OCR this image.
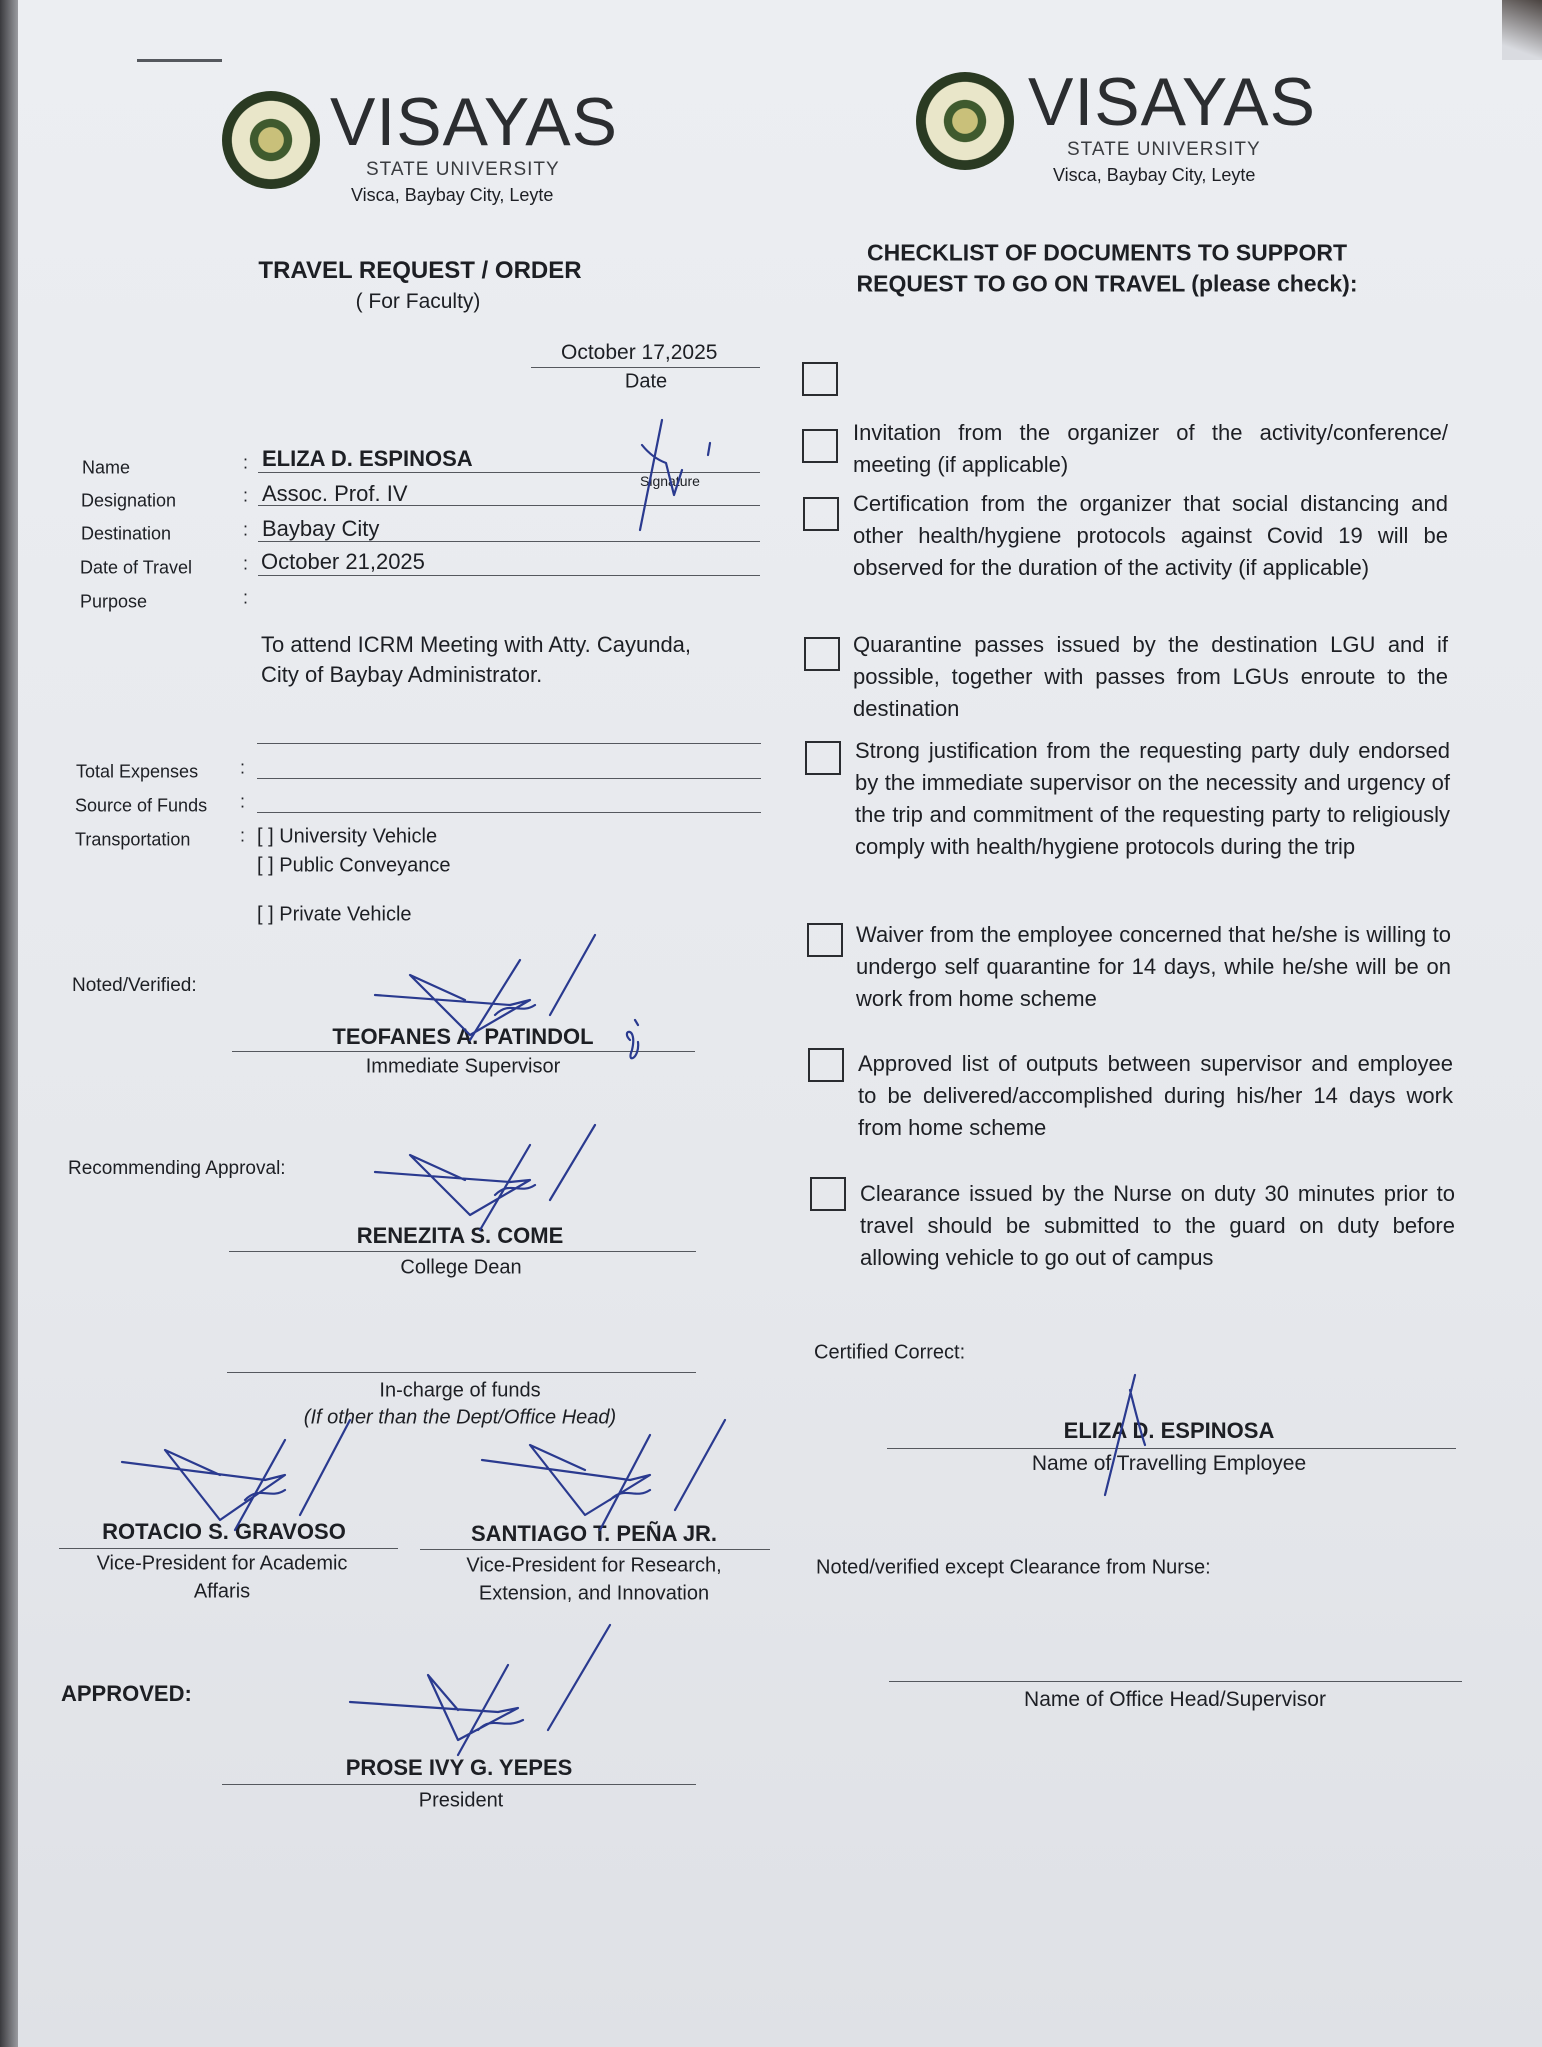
VISAYAS
STATE UNIVERSITY
Visca, Baybay City, Leyte
VISAYAS
STATE UNIVERSITY
Visca, Baybay City, Leyte
TRAVEL REQUEST / ORDER
( For Faculty)
October 17,2025
Date
Name	: ELIZA D. ESPINOSA
Signature
Designation	: Assoc. Prof. IV
Destination	: Baybay City
Date of Travel	: October 21,2025
Purpose	:
To attend ICRM Meeting with Atty. Cayunda,
City of Baybay Administrator.
Total Expenses :
Source of Funds :
Transportation	: [ ] University Vehicle
[ ] Public Conveyance
[ ] Private Vehicle
Noted/Verified:
TEOFANES A. PATINDOL
Immediate Supervisor
Recommending Approval:
RENEZITA S. COME
College Dean
In-charge of funds
(If other than the Dept/Office Head)
ROTACIO S. GRAVOSO
Vice-President for Academic
Affaris
SANTIAGO T. PEÑA JR.
Vice-President for Research,
Extension, and Innovation
APPROVED:
PROSE IVY G. YEPES
President
CHECKLIST OF DOCUMENTS TO SUPPORT
REQUEST TO GO ON TRAVEL (please check):
Invitation from the organizer of the activity/conference/ meeting (if applicable)
Certification from the organizer that social distancing and other health/hygiene protocols against Covid 19 will be observed for the duration of the activity (if applicable)
Quarantine passes issued by the destination LGU and if possible, together with passes from LGUs enroute to the destination
Strong justification from the requesting party duly endorsed by the immediate supervisor on the necessity and urgency of the trip and commitment of the requesting party to religiously comply with health/hygiene protocols during the trip
Waiver from the employee concerned that he/she is willing to undergo self quarantine for 14 days, while he/she will be on work from home scheme
Approved list of outputs between supervisor and employee to be delivered/accomplished during his/her 14 days work from home scheme
Clearance issued by the Nurse on duty 30 minutes prior to travel should be submitted to the guard on duty before allowing vehicle to go out of campus
Certified Correct:
ELIZA D. ESPINOSA
Name of Travelling Employee
Noted/verified except Clearance from Nurse:
Name of Office Head/Supervisor
